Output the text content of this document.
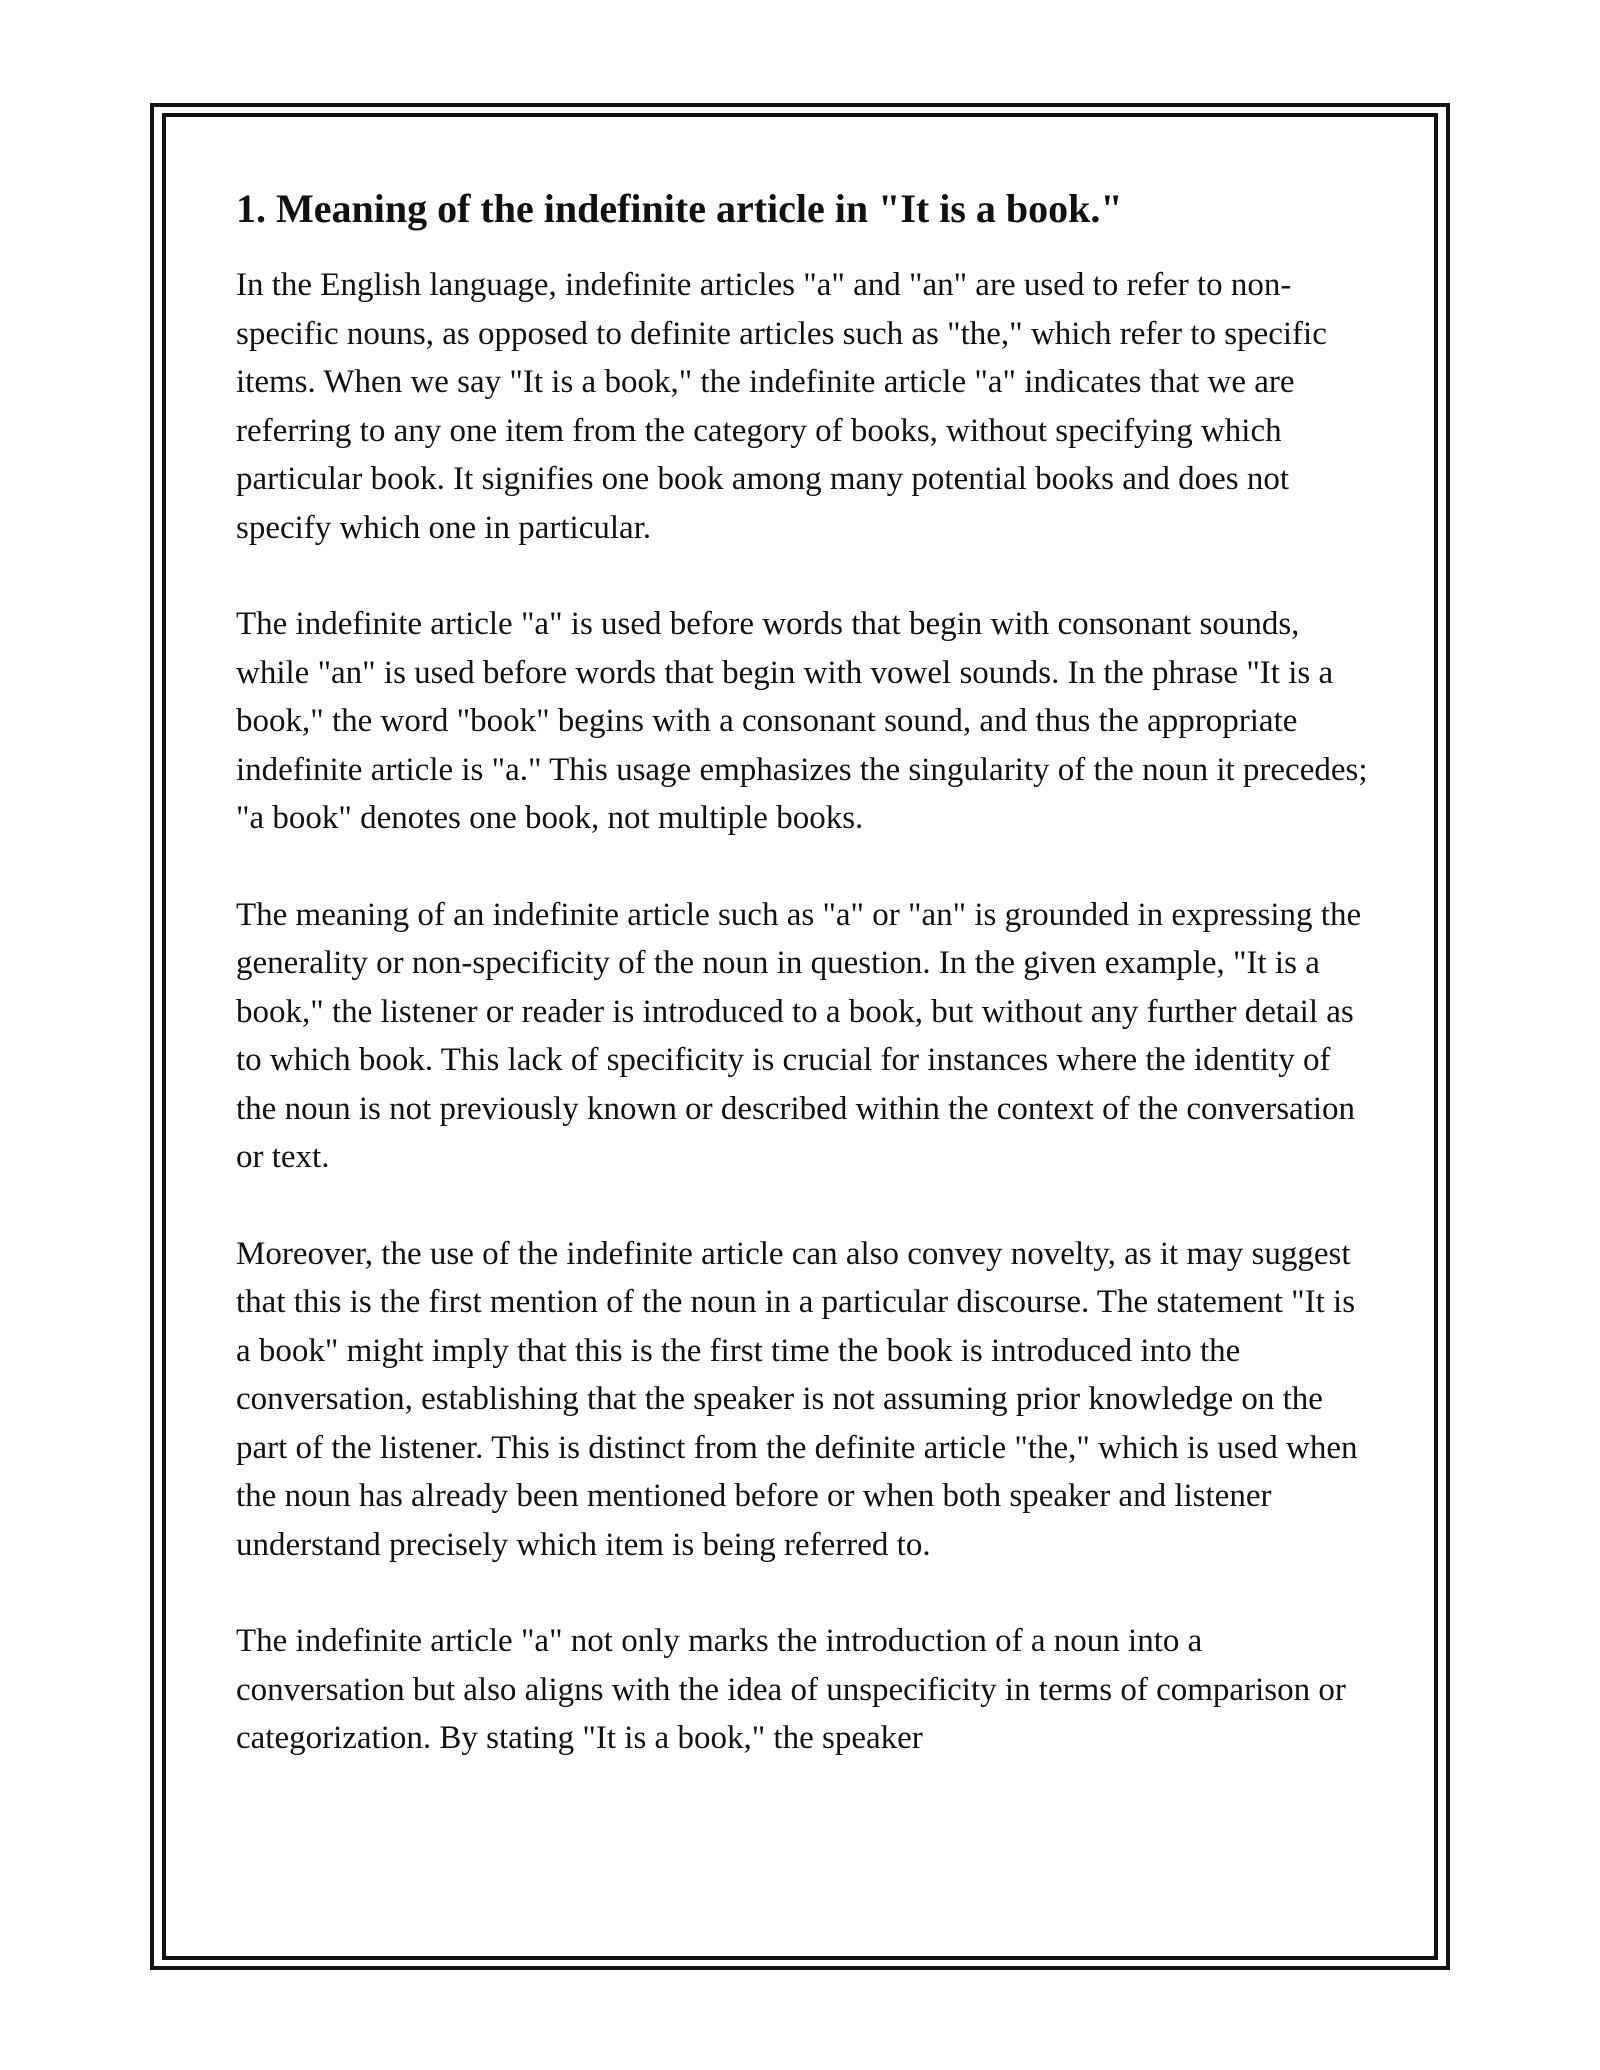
1. Meaning of the indefinite article in "It is a book."

In the English language, indefinite articles "a" and "an" are used to refer to non-specific nouns, as opposed to definite articles such as "the," which refer to specific items. When we say "It is a book," the indefinite article "a" indicates that we are referring to any one item from the category of books, without specifying which particular book. It signifies one book among many potential books and does not specify which one in particular.

The indefinite article "a" is used before words that begin with consonant sounds, while "an" is used before words that begin with vowel sounds. In the phrase "It is a book," the word "book" begins with a consonant sound, and thus the appropriate indefinite article is "a." This usage emphasizes the singularity of the noun it precedes; "a book" denotes one book, not multiple books.

The meaning of an indefinite article such as "a" or "an" is grounded in expressing the generality or non-specificity of the noun in question. In the given example, "It is a book," the listener or reader is introduced to a book, but without any further detail as to which book. This lack of specificity is crucial for instances where the identity of the noun is not previously known or described within the context of the conversation or text.

Moreover, the use of the indefinite article can also convey novelty, as it may suggest that this is the first mention of the noun in a particular discourse. The statement "It is a book" might imply that this is the first time the book is introduced into the conversation, establishing that the speaker is not assuming prior knowledge on the part of the listener. This is distinct from the definite article "the," which is used when the noun has already been mentioned before or when both speaker and listener understand precisely which item is being referred to.

The indefinite article "a" not only marks the introduction of a noun into a conversation but also aligns with the idea of unspecificity in terms of comparison or categorization. By stating "It is a book," the speaker
